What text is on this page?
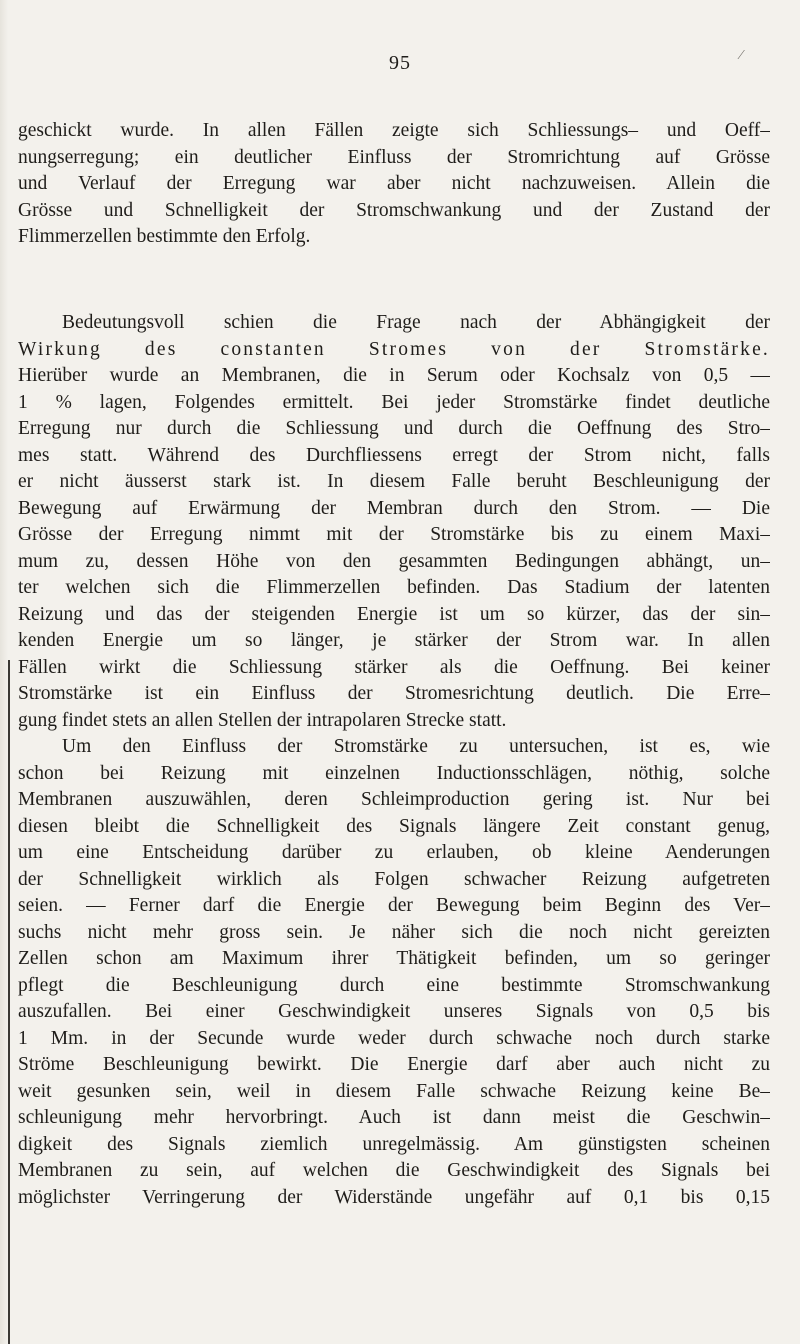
95	⁄
geschickt wurde. In allen Fällen zeigte sich Schliessungs– und Oeff–
nungserregung; ein deutlicher Einfluss der Stromrichtung auf Grösse
und Verlauf der Erregung war aber nicht nachzuweisen. Allein die
Grösse und Schnelligkeit der Stromschwankung und der Zustand der
Flimmerzellen bestimmte den Erfolg.
Bedeutungsvoll schien die Frage nach der Abhängigkeit der
Wirkung des constanten Stromes von der Stromstärke.
Hierüber wurde an Membranen, die in Serum oder Kochsalz von 0,5 —
1 % lagen, Folgendes ermittelt. Bei jeder Stromstärke findet deutliche
Erregung nur durch die Schliessung und durch die Oeffnung des Stro–
mes statt. Während des Durchfliessens erregt der Strom nicht, falls
er nicht äusserst stark ist. In diesem Falle beruht Beschleunigung der
Bewegung auf Erwärmung der Membran durch den Strom. — Die
Grösse der Erregung nimmt mit der Stromstärke bis zu einem Maxi–
mum zu, dessen Höhe von den gesammten Bedingungen abhängt, un–
ter welchen sich die Flimmerzellen befinden. Das Stadium der latenten
Reizung und das der steigenden Energie ist um so kürzer, das der sin–
kenden Energie um so länger, je stärker der Strom war. In allen
Fällen wirkt die Schliessung stärker als die Oeffnung. Bei keiner
Stromstärke ist ein Einfluss der Stromesrichtung deutlich. Die Erre–
gung findet stets an allen Stellen der intrapolaren Strecke statt.
Um den Einfluss der Stromstärke zu untersuchen, ist es, wie
schon bei Reizung mit einzelnen Inductionsschlägen, nöthig, solche
Membranen auszuwählen, deren Schleimproduction gering ist. Nur bei
diesen bleibt die Schnelligkeit des Signals längere Zeit constant genug,
um eine Entscheidung darüber zu erlauben, ob kleine Aenderungen
der Schnelligkeit wirklich als Folgen schwacher Reizung aufgetreten
seien. — Ferner darf die Energie der Bewegung beim Beginn des Ver–
suchs nicht mehr gross sein. Je näher sich die noch nicht gereizten
Zellen schon am Maximum ihrer Thätigkeit befinden, um so geringer
pflegt die Beschleunigung durch eine bestimmte Stromschwankung
auszufallen. Bei einer Geschwindigkeit unseres Signals von 0,5 bis
1 Mm. in der Secunde wurde weder durch schwache noch durch starke
Ströme Beschleunigung bewirkt. Die Energie darf aber auch nicht zu
weit gesunken sein, weil in diesem Falle schwache Reizung keine Be–
schleunigung mehr hervorbringt. Auch ist dann meist die Geschwin–
digkeit des Signals ziemlich unregelmässig. Am günstigsten scheinen
Membranen zu sein, auf welchen die Geschwindigkeit des Signals bei
möglichster Verringerung der Widerstände ungefähr auf 0,1 bis 0,15
